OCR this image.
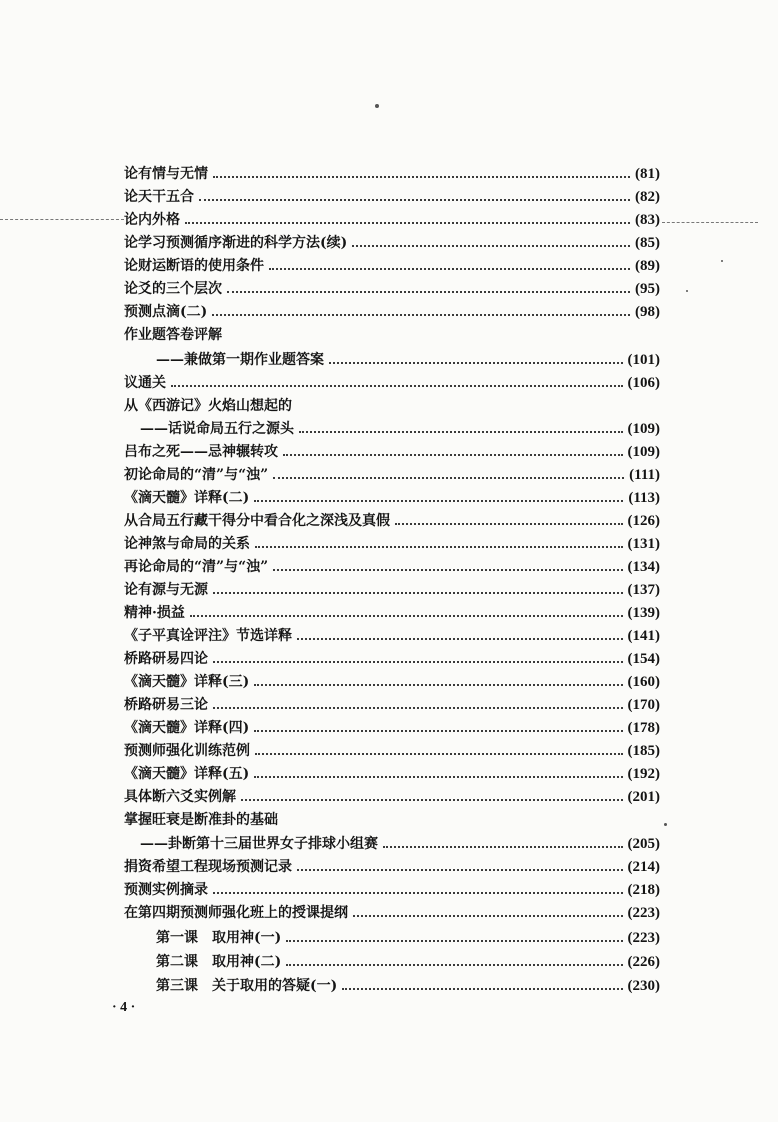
论有情与无情	(81)
论天干五合	(82)
论内外格	(83)
论学习预测循序渐进的科学方法(续)	(85)
论财运断语的使用条件	(89)
论爻的三个层次	(95)
预测点滴(二)	(98)
作业题答卷评解
——兼做第一期作业题答案	(101)
议通关	(106)
从《西游记》火焰山想起的
——话说命局五行之源头	(109)
吕布之死——忌神辗转攻	(109)
初论命局的“清”与“浊”	(111)
《滴天髓》详释(二)	(113)
从合局五行藏干得分中看合化之深浅及真假	(126)
论神煞与命局的关系	(131)
再论命局的“清”与“浊”	(134)
论有源与无源	(137)
精神·损益	(139)
《子平真诠评注》节选详释	(141)
桥路研易四论	(154)
《滴天髓》详释(三)	(160)
桥路研易三论	(170)
《滴天髓》详释(四)	(178)
预测师强化训练范例	(185)
《滴天髓》详释(五)	(192)
具体断六爻实例解	(201)
掌握旺衰是断准卦的基础
——卦断第十三届世界女子排球小组赛	(205)
捐资希望工程现场预测记录	(214)
预测实例摘录	(218)
在第四期预测师强化班上的授课提纲	(223)
第一课　取用神(一)	(223)
第二课　取用神(二)	(226)
第三课　关于取用的答疑(一)	(230)
· 4 ·
